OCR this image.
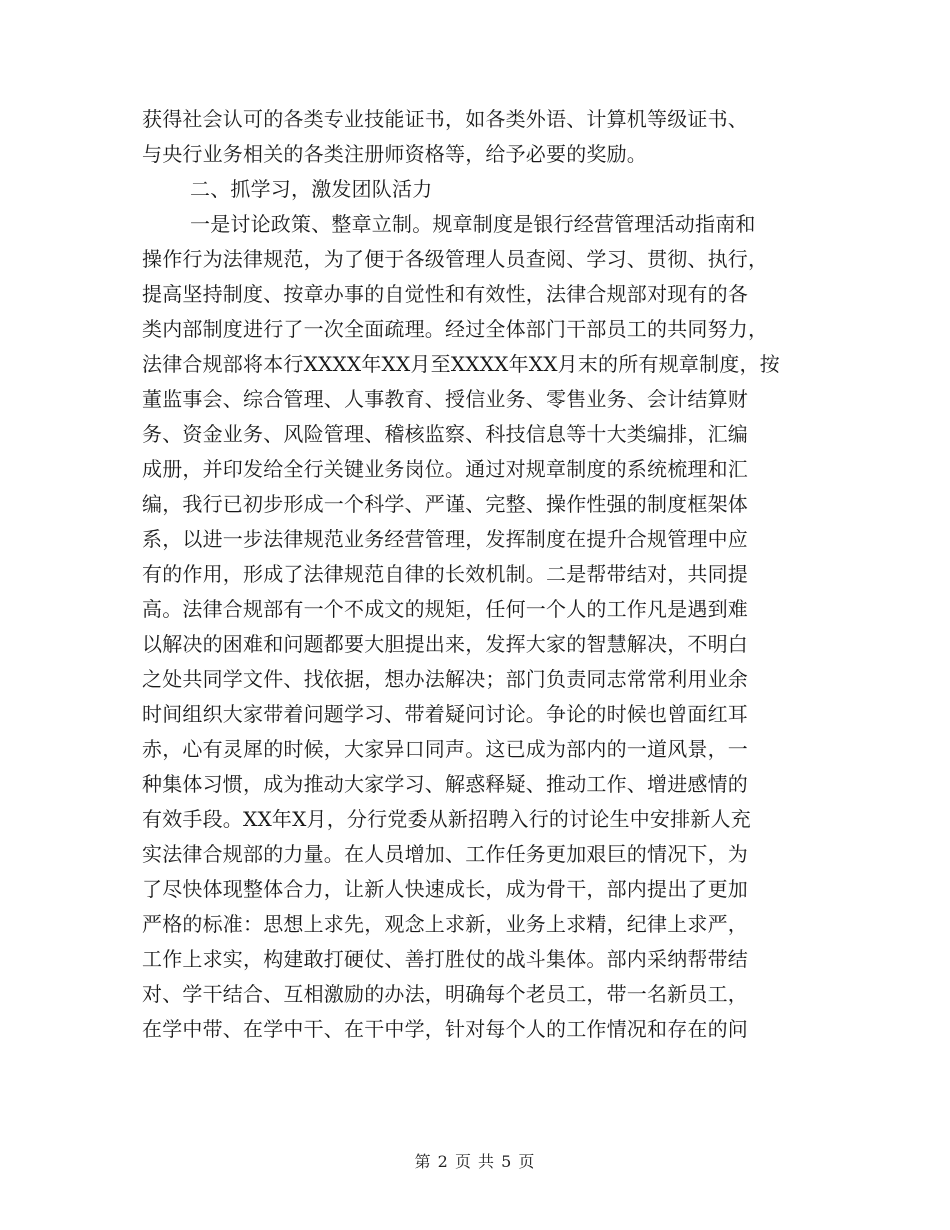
获得社会认可的各类专业技能证书，如各类外语、计算机等级证书、
与央行业务相关的各类注册师资格等，给予必要的奖励。
二、抓学习，激发团队活力
一是讨论政策、整章立制。规章制度是银行经营管理活动指南和
操作行为法律规范，为了便于各级管理人员查阅、学习、贯彻、执行，
提高坚持制度、按章办事的自觉性和有效性，法律合规部对现有的各
类内部制度进行了一次全面疏理。经过全体部门干部员工的共同努力，
法律合规部将本行XXXX年XX月至XXXX年XX月末的所有规章制度，按
董监事会、综合管理、人事教育、授信业务、零售业务、会计结算财
务、资金业务、风险管理、稽核监察、科技信息等十大类编排，汇编
成册，并印发给全行关键业务岗位。通过对规章制度的系统梳理和汇
编，我行已初步形成一个科学、严谨、完整、操作性强的制度框架体
系，以进一步法律规范业务经营管理，发挥制度在提升合规管理中应
有的作用，形成了法律规范自律的长效机制。二是帮带结对，共同提
高。法律合规部有一个不成文的规矩，任何一个人的工作凡是遇到难
以解决的困难和问题都要大胆提出来，发挥大家的智慧解决，不明白
之处共同学文件、找依据，想办法解决；部门负责同志常常利用业余
时间组织大家带着问题学习、带着疑问讨论。争论的时候也曾面红耳
赤，心有灵犀的时候，大家异口同声。这已成为部内的一道风景，一
种集体习惯，成为推动大家学习、解惑释疑、推动工作、增进感情的
有效手段。XX年X月，分行党委从新招聘入行的讨论生中安排新人充
实法律合规部的力量。在人员增加、工作任务更加艰巨的情况下，为
了尽快体现整体合力，让新人快速成长，成为骨干，部内提出了更加
严格的标准：思想上求先，观念上求新，业务上求精，纪律上求严，
工作上求实，构建敢打硬仗、善打胜仗的战斗集体。部内采纳帮带结
对、学干结合、互相激励的办法，明确每个老员工，带一名新员工，
在学中带、在学中干、在干中学，针对每个人的工作情况和存在的问
第 2 页 共 5 页
